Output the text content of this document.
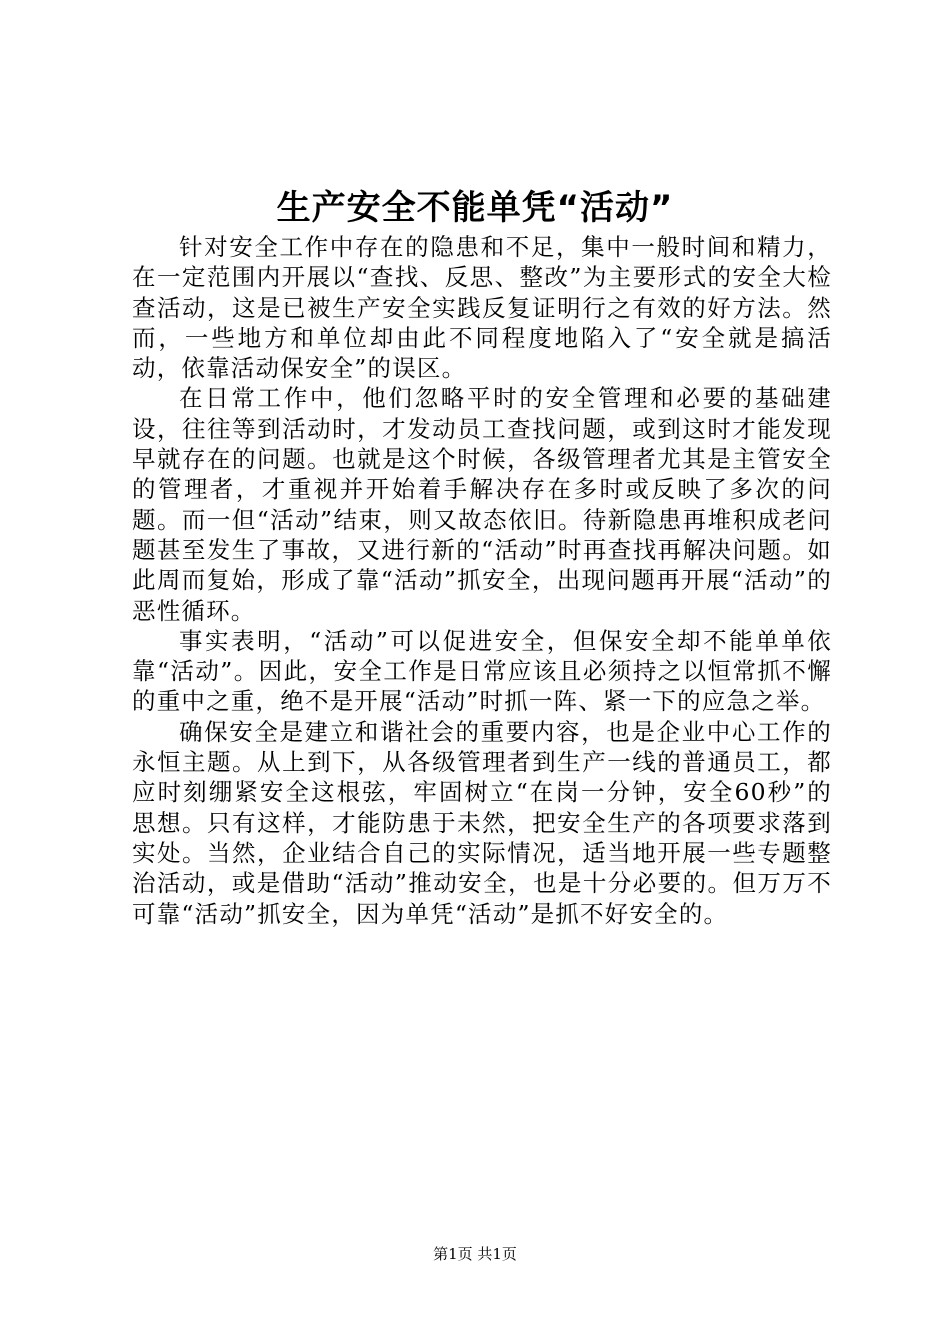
生产安全不能单凭“活动”

针对安全工作中存在的隐患和不足，集中一般时间和精力，在一定范围内开展以“查找、反思、整改”为主要形式的安全大检查活动，这是已被生产安全实践反复证明行之有效的好方法。然而，一些地方和单位却由此不同程度地陷入了“安全就是搞活动，依靠活动保安全”的误区。

在日常工作中，他们忽略平时的安全管理和必要的基础建设，往往等到活动时，才发动员工查找问题，或到这时才能发现早就存在的问题。也就是这个时候，各级管理者尤其是主管安全的管理者，才重视并开始着手解决存在多时或反映了多次的问题。而一但“活动”结束，则又故态依旧。待新隐患再堆积成老问题甚至发生了事故，又进行新的“活动”时再查找再解决问题。如此周而复始，形成了靠“活动”抓安全，出现问题再开展“活动”的恶性循环。

事实表明，“活动”可以促进安全，但保安全却不能单单依靠“活动”。因此，安全工作是日常应该且必须持之以恒常抓不懈的重中之重，绝不是开展“活动”时抓一阵、紧一下的应急之举。

确保安全是建立和谐社会的重要内容，也是企业中心工作的永恒主题。从上到下，从各级管理者到生产一线的普通员工，都应时刻绷紧安全这根弦，牢固树立“在岗一分钟，安全60秒”的思想。只有这样，才能防患于未然，把安全生产的各项要求落到实处。当然，企业结合自己的实际情况，适当地开展一些专题整治活动，或是借助“活动”推动安全，也是十分必要的。但万万不可靠“活动”抓安全，因为单凭“活动”是抓不好安全的。

第1页 共1页
